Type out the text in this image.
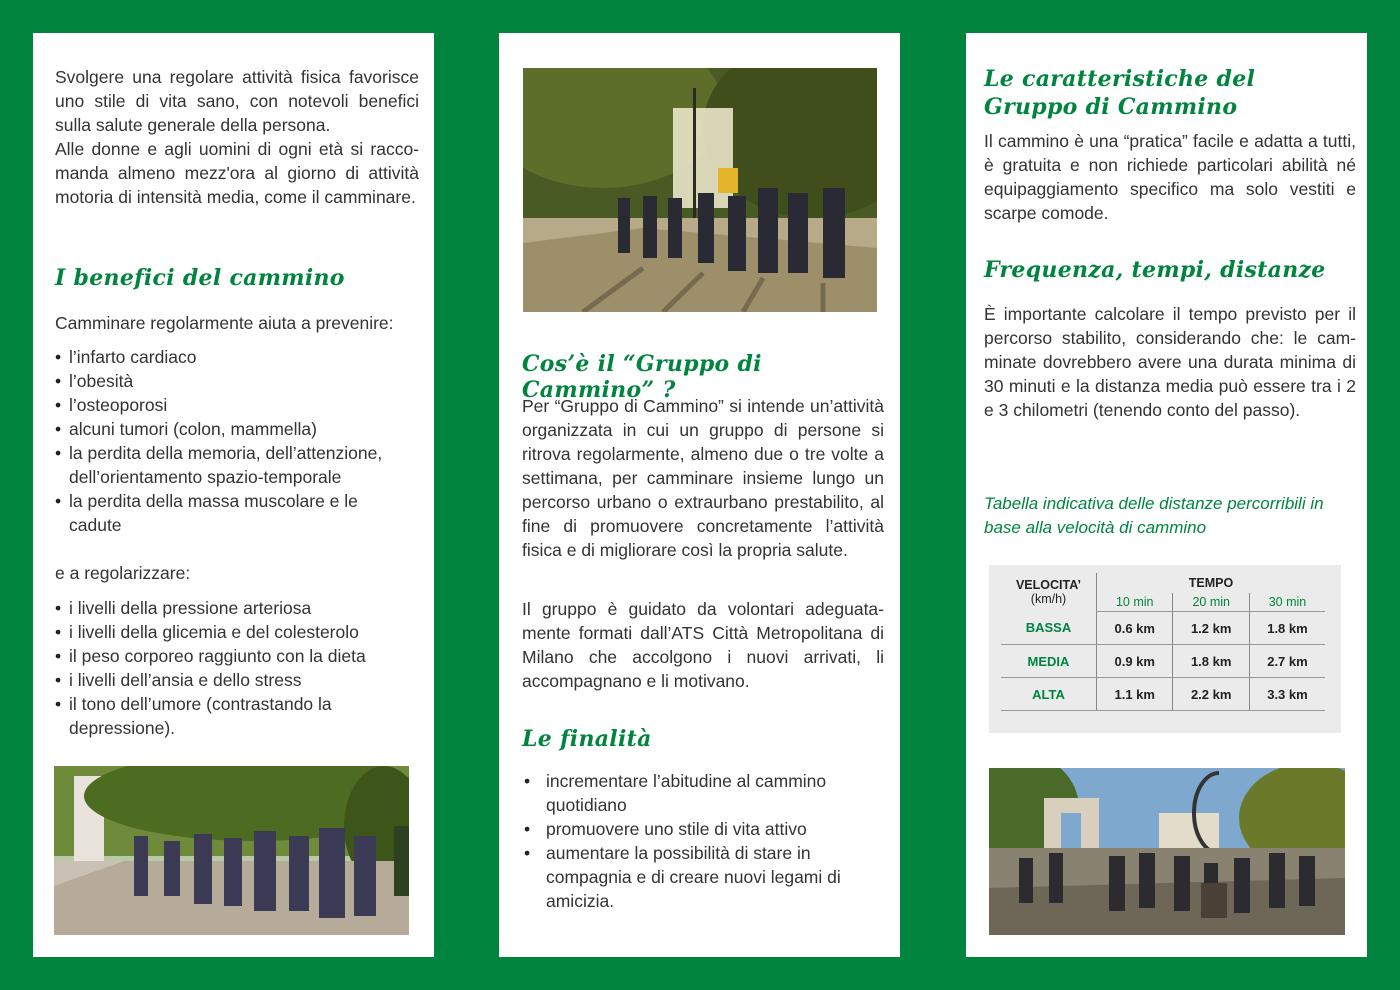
Svolgere una regolare attività fisica favorisce uno stile di vita sano, con notevoli benefici sulla salute generale della persona.

Alle donne e agli uomini di ogni età si raccomanda almeno mezz'ora al giorno di attività motoria di intensità media, come il camminare.

I benefici del cammino

Camminare regolarmente aiuta a prevenire:

• l’infarto cardiaco
• l’obesità
• l’osteoporosi
• alcuni tumori (colon, mammella)
• la perdita della memoria, dell’attenzione, dell’orientamento spazio-temporale
• la perdita della massa muscolare e le cadute

e a regolarizzare:

• i livelli della pressione arteriosa
• i livelli della glicemia e del colesterolo
• il peso corporeo raggiunto con la dieta
• i livelli dell’ansia e dello stress
• il tono dell’umore (contrastando la depressione).
Cos’è il “Gruppo di Cammino” ?

Per “Gruppo di Cammino” si intende un’attività organizzata in cui un gruppo di persone si ritrova regolarmente, almeno due o tre volte a settimana, per camminare insieme lungo un percorso urbano o extraurbano prestabilito, al fine di promuovere concretamente l’attività fisica e di migliorare così la propria salute.

Il gruppo è guidato da volontari adeguatamente formati dall’ATS Città Metropolitana di Milano che accolgono i nuovi arrivati, li accompagnano e li motivano.

Le finalità
• incrementare l’abitudine al cammino quotidiano
• promuovere uno stile di vita attivo
• aumentare la possibilità di stare in compagnia e di creare nuovi legami di amicizia.
Le caratteristiche del Gruppo di Cammino

Il cammino è una “pratica” facile e adatta a tutti, è gratuita e non richiede particolari abilità né equipaggiamento specifico ma solo vestiti e scarpe comode.

Frequenza, tempi, distanze

È importante calcolare il tempo previsto per il percorso stabilito, considerando che: le camminate dovrebbero avere una durata minima di 30 minuti e la distanza media può essere tra i 2 e 3 chilometri (tenendo conto del passo).

Tabella indicativa delle distanze percorribili in base alla velocità di cammino

VELOCITA’
(km/h)	TEMPO		
	10 min	20 min	30 min
BASSA	0.6 km	1.2 km	1.8 km
MEDIA	0.9 km	1.8 km	2.7 km
ALTA	1.1 km	2.2 km	3.3 km
